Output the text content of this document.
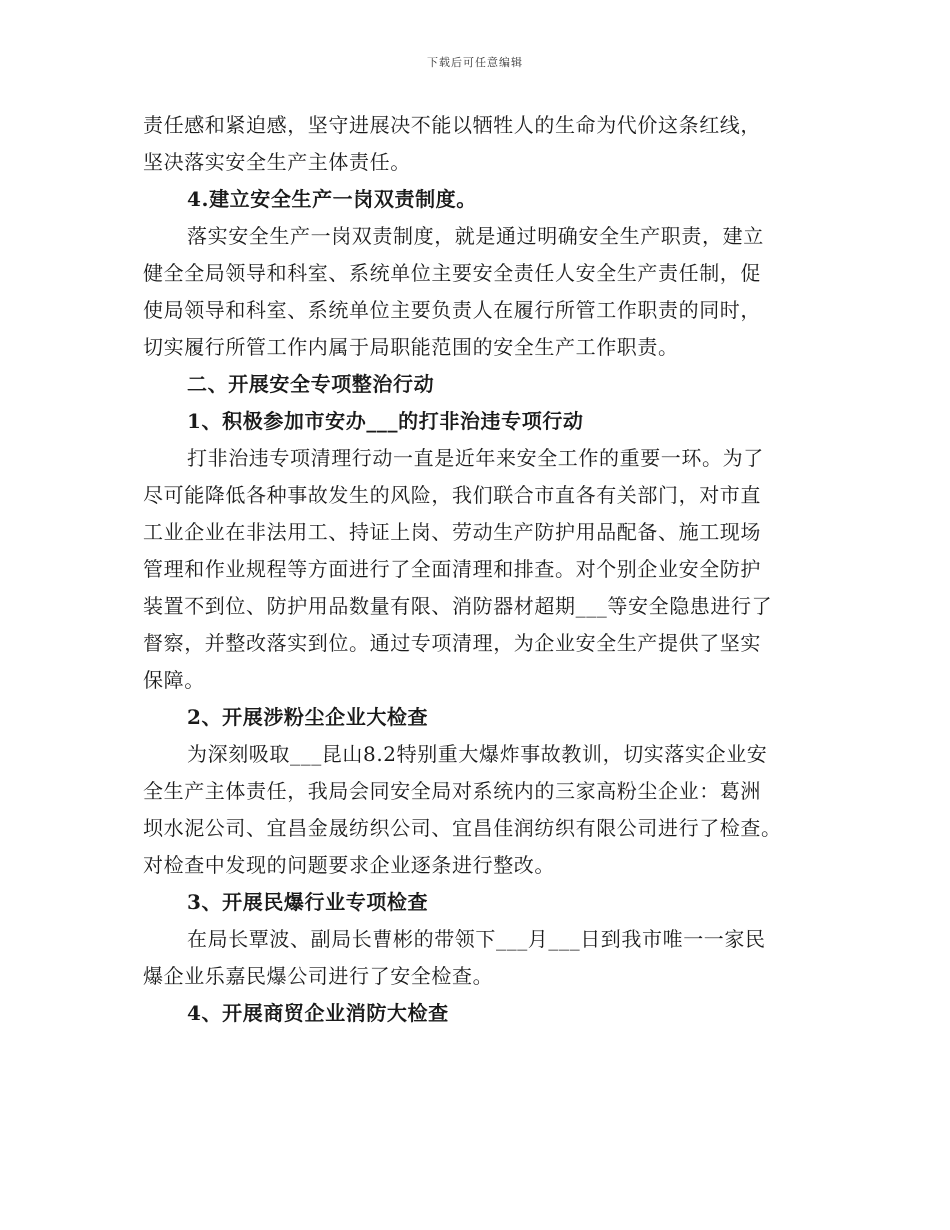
下载后可任意编辑

责任感和紧迫感，坚守进展决不能以牺牲人的生命为代价这条红线，
坚决落实安全生产主体责任。

4.建立安全生产一岗双责制度。

落实安全生产一岗双责制度，就是通过明确安全生产职责，建立
健全全局领导和科室、系统单位主要安全责任人安全生产责任制，促
使局领导和科室、系统单位主要负责人在履行所管工作职责的同时，
切实履行所管工作内属于局职能范围的安全生产工作职责。

二、开展安全专项整治行动

1、积极参加市安办___的打非治违专项行动

打非治违专项清理行动一直是近年来安全工作的重要一环。为了
尽可能降低各种事故发生的风险，我们联合市直各有关部门，对市直
工业企业在非法用工、持证上岗、劳动生产防护用品配备、施工现场
管理和作业规程等方面进行了全面清理和排查。对个别企业安全防护
装置不到位、防护用品数量有限、消防器材超期___等安全隐患进行了
督察，并整改落实到位。通过专项清理，为企业安全生产提供了坚实
保障。

2、开展涉粉尘企业大检查

为深刻吸取___昆山8.2特别重大爆炸事故教训，切实落实企业安
全生产主体责任，我局会同安全局对系统内的三家高粉尘企业：葛洲
坝水泥公司、宜昌金晟纺织公司、宜昌佳润纺织有限公司进行了检查。
对检查中发现的问题要求企业逐条进行整改。

3、开展民爆行业专项检查

在局长覃波、副局长曹彬的带领下___月___日到我市唯一一家民
爆企业乐嘉民爆公司进行了安全检查。

4、开展商贸企业消防大检查
